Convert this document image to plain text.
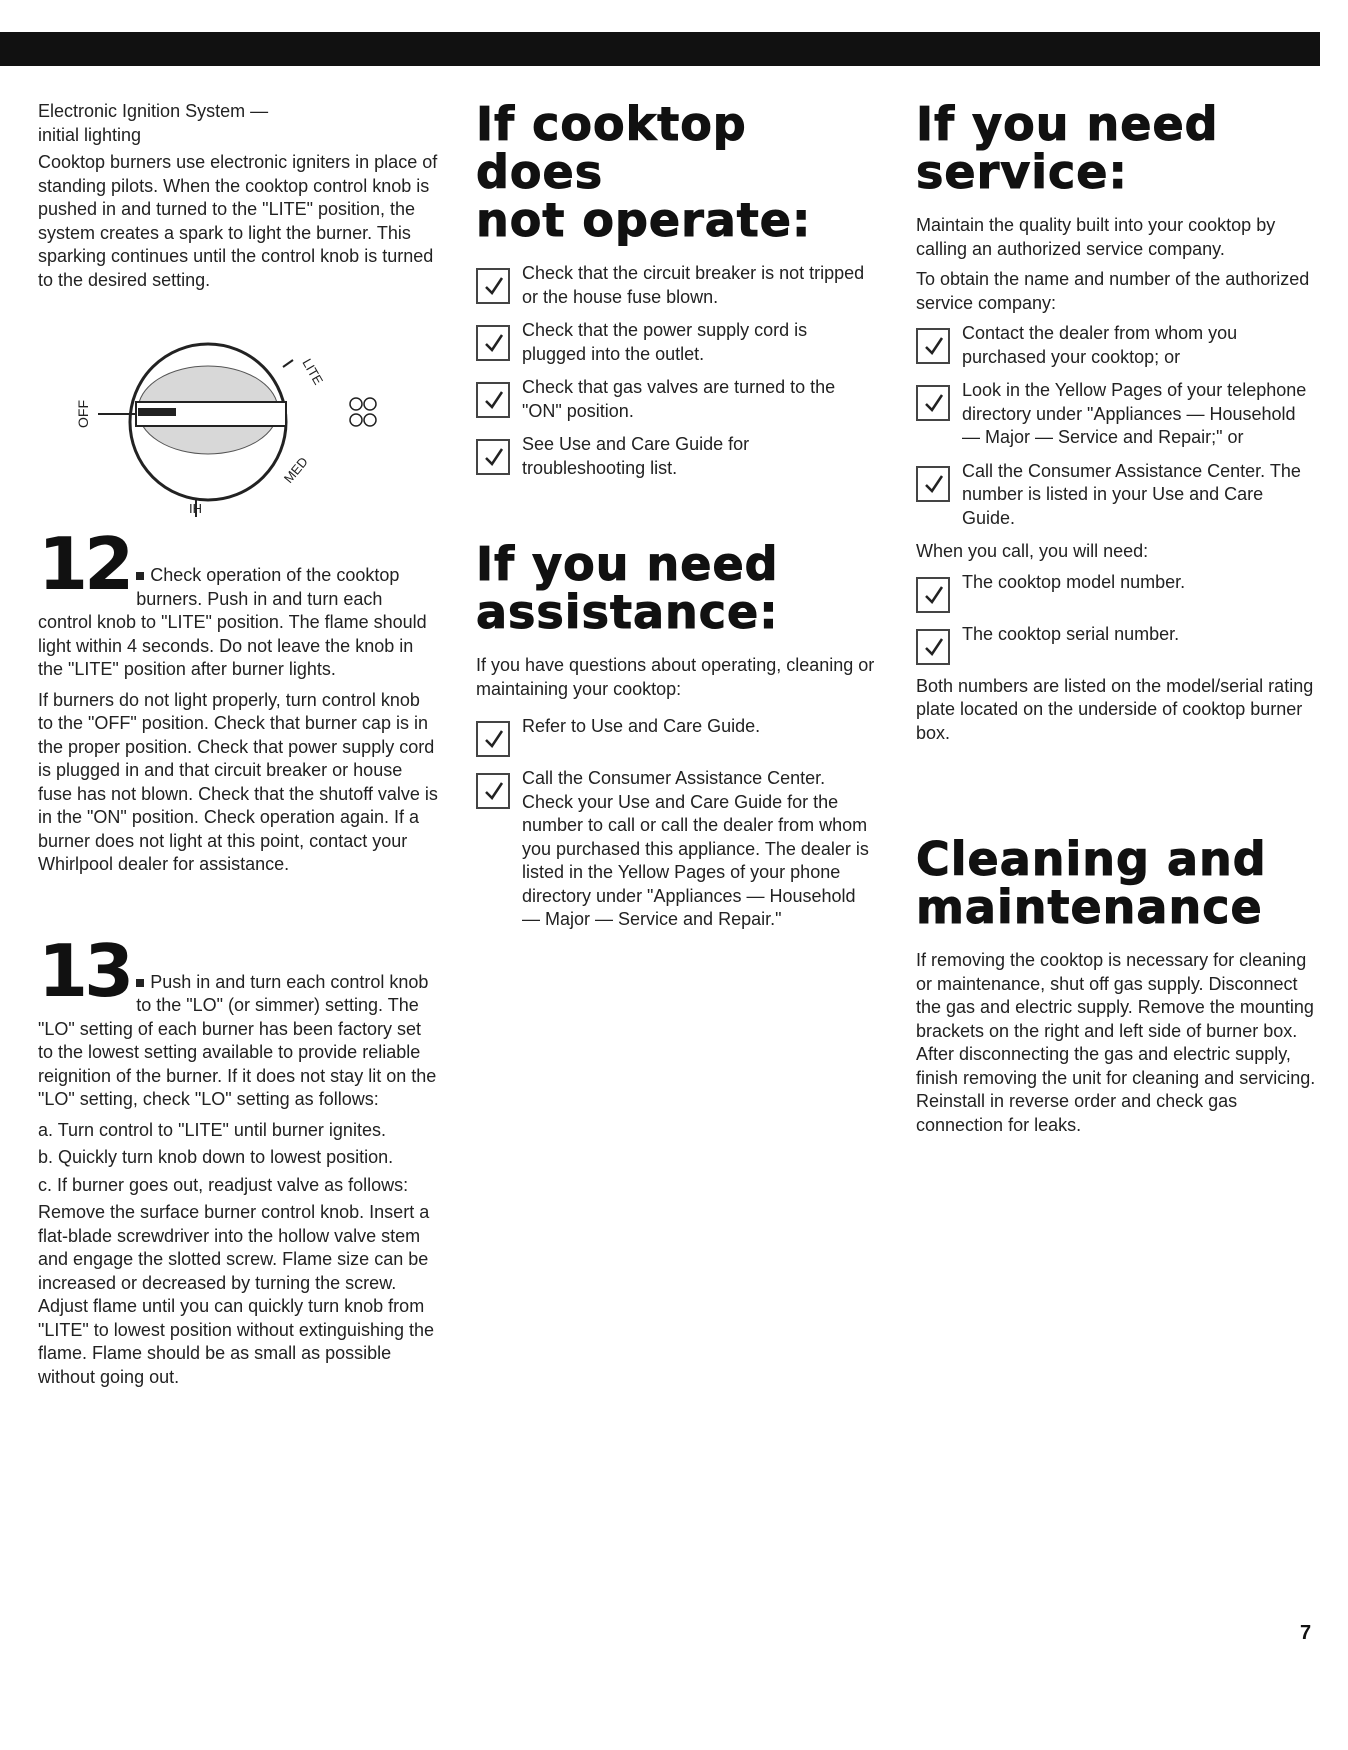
Electronic Ignition System —
initial lighting

Cooktop burners use electronic igniters in place of standing pilots. When the cooktop control knob is pushed in and turned to the "LITE" position, the system creates a spark to light the burner. This sparking continues until the control knob is turned to the desired setting.

OFF
LITE
MED
HI
12	Check operation of the cooktop burners. Push in and turn each control knob to "LITE" position. The flame should light within 4 seconds. Do not leave the knob in the "LITE" position after burner lights.

If burners do not light properly, turn control knob to the "OFF" position. Check that burner cap is in the proper position. Check that power supply cord is plugged in and that circuit breaker or house fuse has not blown. Check that the shutoff valve is in the "ON" position. Check operation again. If a burner does not light at this point, contact your Whirlpool dealer for assistance.

13	Push in and turn each control knob to the "LO" (or simmer) setting. The "LO" setting of each burner has been factory set to the lowest setting available to provide reliable reignition of the burner. If it does not stay lit on the "LO" setting, check "LO" setting as follows:

a. Turn control to "LITE" until burner ignites.

b. Quickly turn knob down to lowest position.

c. If burner goes out, readjust valve as follows:

Remove the surface burner control knob. Insert a flat-blade screwdriver into the hollow valve stem and engage the slotted screw. Flame size can be increased or decreased by turning the screw. Adjust flame until you can quickly turn knob from "LITE" to lowest position without extinguishing the flame. Flame should be as small as possible without going out.

If cooktop does
not operate:

Check that the circuit breaker is not tripped or the house fuse blown.

Check that the power supply cord is plugged into the outlet.

Check that gas valves are turned to the "ON" position.

See Use and Care Guide for troubleshooting list.

If you need
assistance:

If you have questions about operating, cleaning or maintaining your cooktop:

Refer to Use and Care Guide.

Call the Consumer Assistance Center. Check your Use and Care Guide for the number to call or call the dealer from whom you purchased this appliance. The dealer is listed in the Yellow Pages of your phone directory under "Appliances — Household — Major — Service and Repair."

If you need
service:

Maintain the quality built into your cooktop by calling an authorized service company.

To obtain the name and number of the authorized service company:

Contact the dealer from whom you purchased your cooktop; or

Look in the Yellow Pages of your telephone directory under "Appliances — Household — Major — Service and Repair;" or

Call the Consumer Assistance Center. The number is listed in your Use and Care Guide.

When you call, you will need:

The cooktop model number.

The cooktop serial number.

Both numbers are listed on the model/serial rating plate located on the underside of cooktop burner box.

Cleaning and
maintenance

If removing the cooktop is necessary for cleaning or maintenance, shut off gas supply. Disconnect the gas and electric supply. Remove the mounting brackets on the right and left side of burner box. After disconnecting the gas and electric supply, finish removing the unit for cleaning and servicing. Reinstall in reverse order and check gas connection for leaks.

7
